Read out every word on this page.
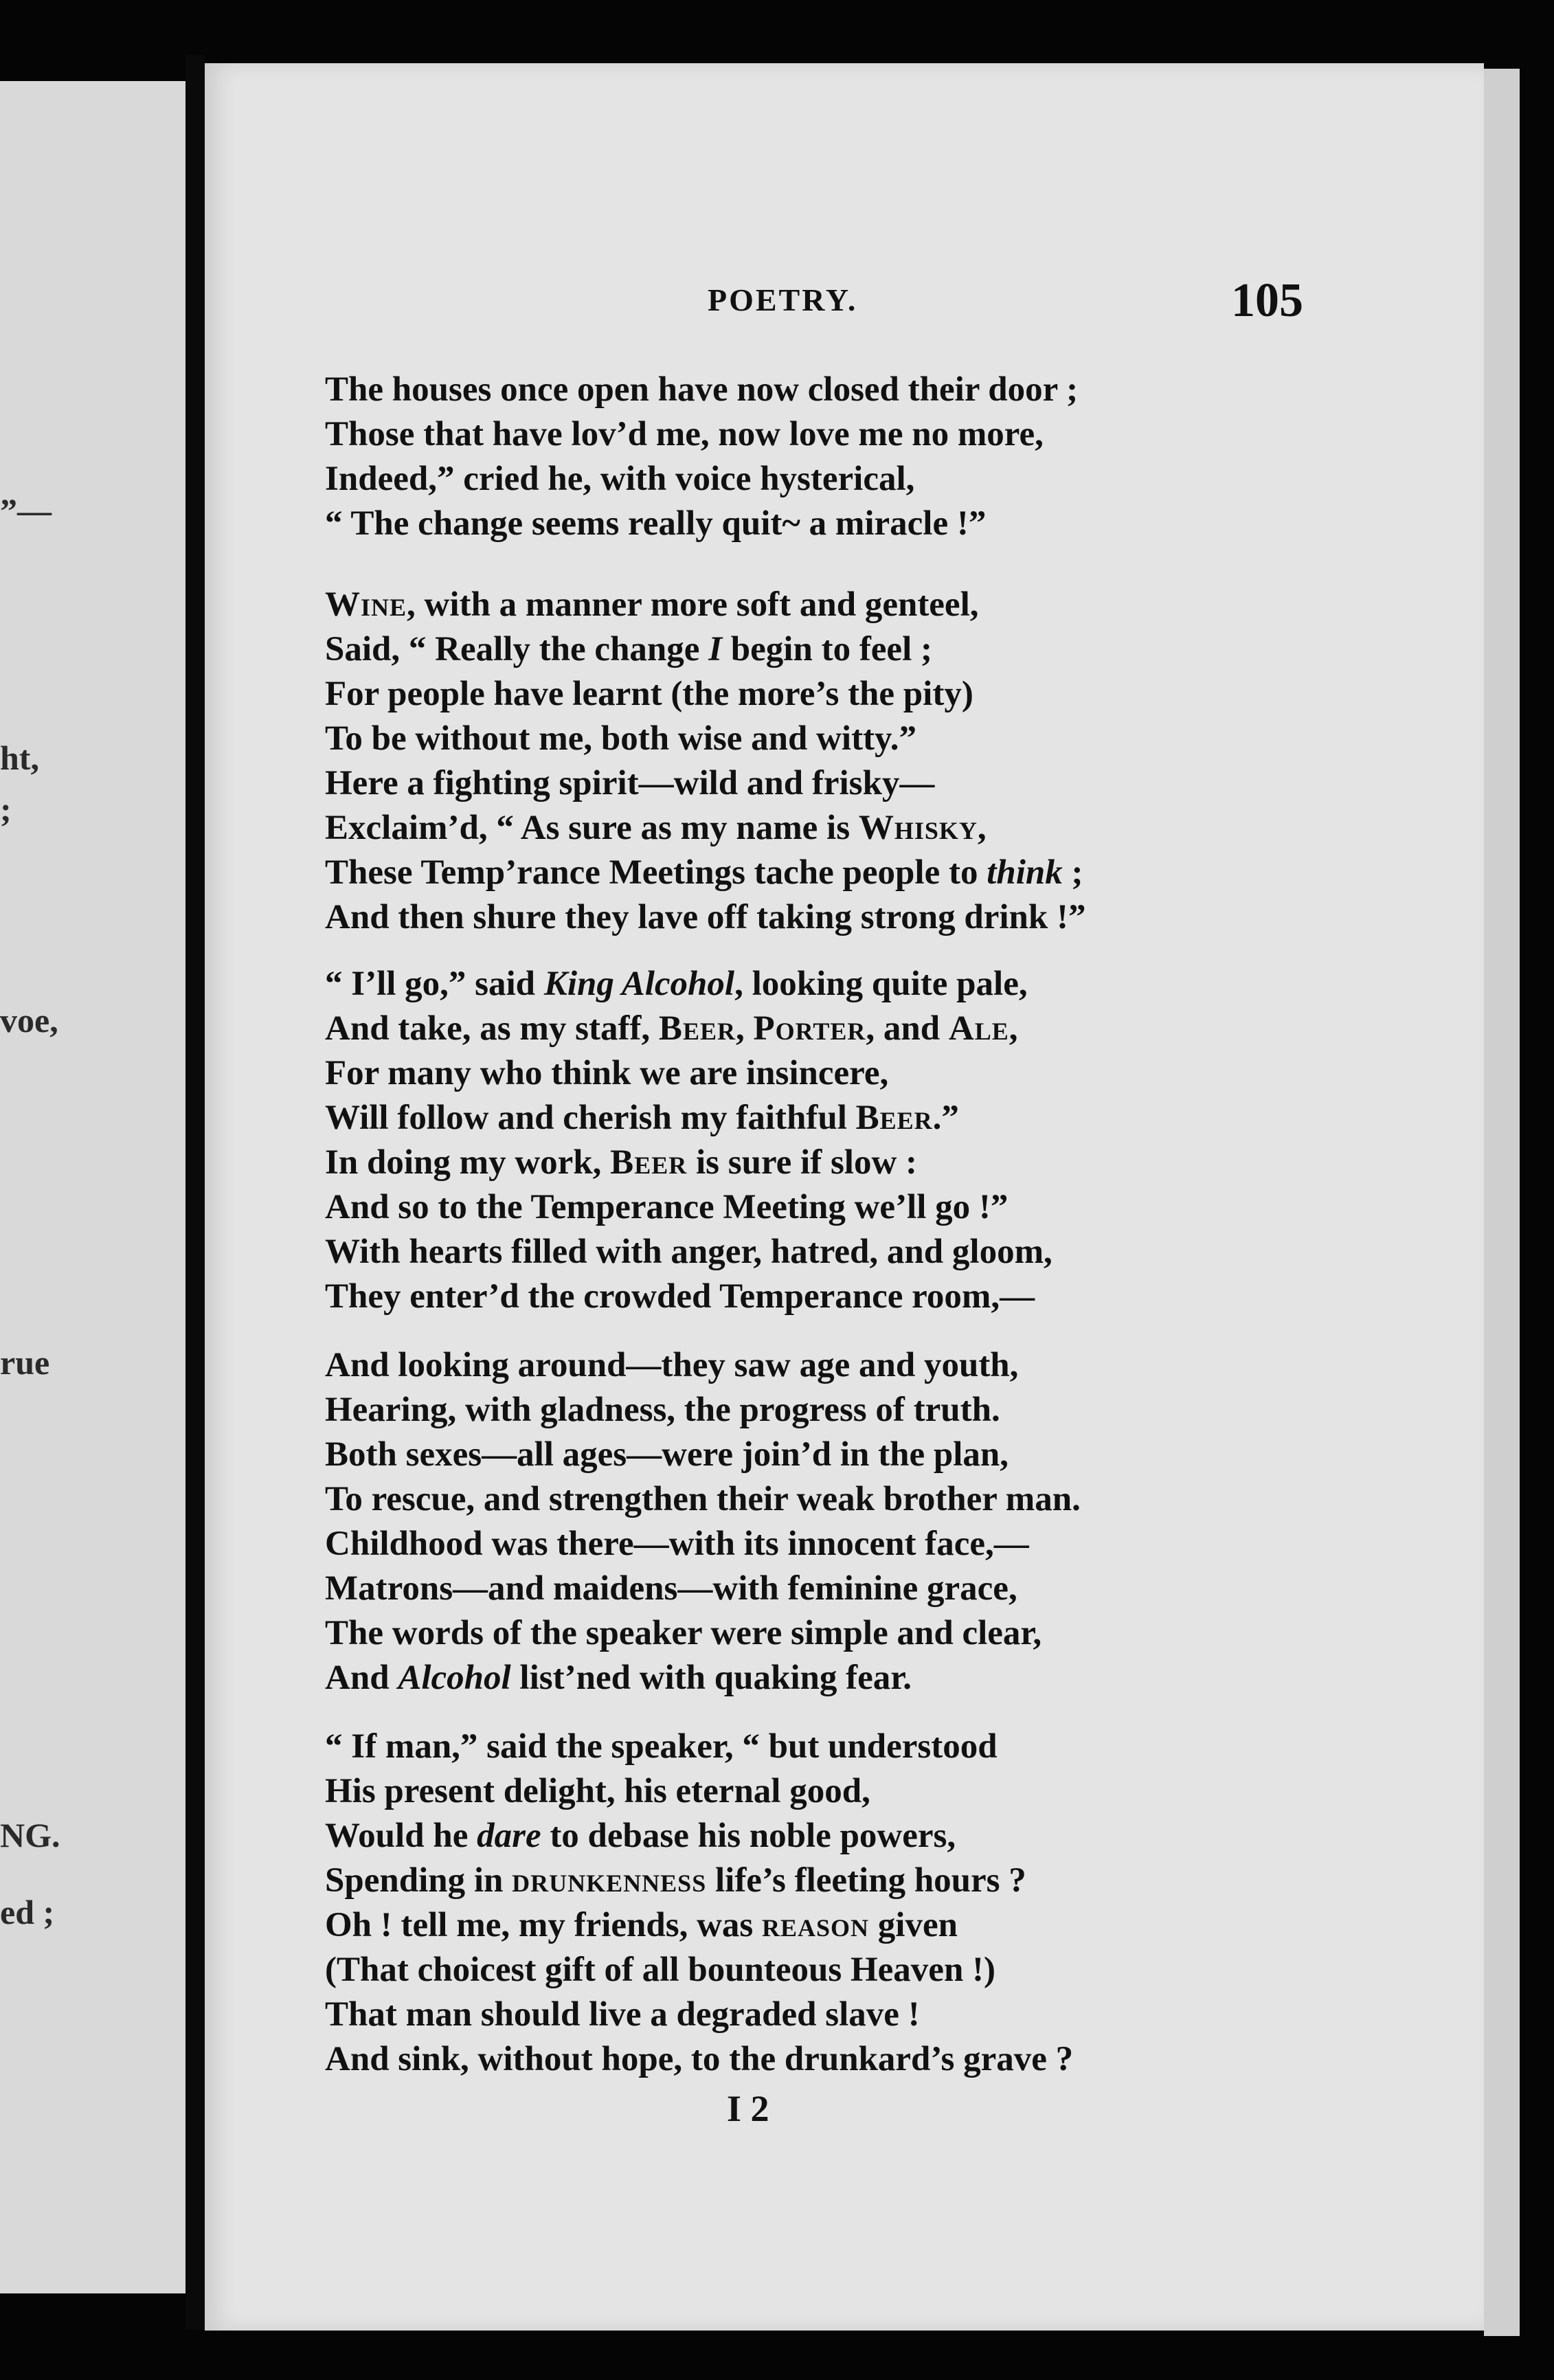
”—
ht,
;
voe,
rue
NG.
ed ;
POETRY.	105
The houses once open have now closed their door ;
Those that have lov’d me, now love me no more,
Indeed,” cried he, with voice hysterical,
“ The change seems really quit~ a miracle !”
Wine, with a manner more soft and genteel,
Said, “ Really the change I begin to feel ;
For people have learnt (the more’s the pity)
To be without me, both wise and witty.”
Here a fighting spirit—wild and frisky—
Exclaim’d, “ As sure as my name is Whisky,
These Temp’rance Meetings tache people to think ;
And then shure they lave off taking strong drink !”
“ I’ll go,” said King Alcohol, looking quite pale,
And take, as my staff, Beer, Porter, and Ale,
For many who think we are insincere,
Will follow and cherish my faithful Beer.”
In doing my work, Beer is sure if slow :
And so to the Temperance Meeting we’ll go !”
With hearts filled with anger, hatred, and gloom,
They enter’d the crowded Temperance room,—
And looking around—they saw age and youth,
Hearing, with gladness, the progress of truth.
Both sexes—all ages—were join’d in the plan,
To rescue, and strengthen their weak brother man.
Childhood was there—with its innocent face,—
Matrons—and maidens—with feminine grace,
The words of the speaker were simple and clear,
And Alcohol list’ned with quaking fear.
“ If man,” said the speaker, “ but understood
His present delight, his eternal good,
Would he dare to debase his noble powers,
Spending in drunkenness life’s fleeting hours ?
Oh ! tell me, my friends, was reason given
(That choicest gift of all bounteous Heaven !)
That man should live a degraded slave !
And sink, without hope, to the drunkard’s grave ?
I 2
